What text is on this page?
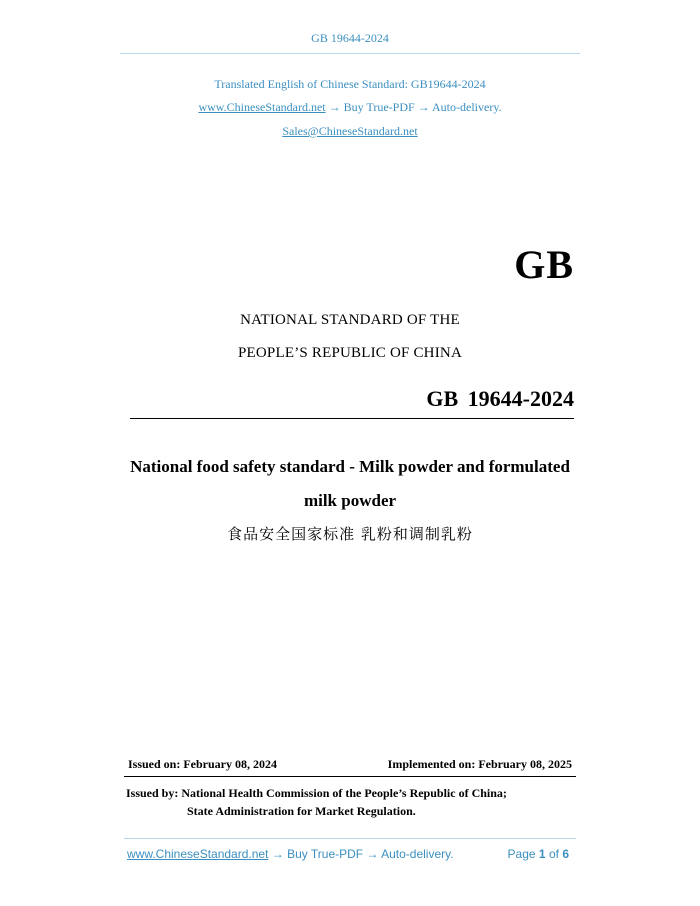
GB 19644-2024
Translated English of Chinese Standard: GB19644-2024
www.ChineseStandard.net → Buy True-PDF → Auto-delivery.
Sales@ChineseStandard.net
GB
NATIONAL STANDARD OF THE
PEOPLE’S REPUBLIC OF CHINA
GB 19644-2024
National food safety standard - Milk powder and formulated
milk powder
食品安全国家标准 乳粉和调制乳粉
Issued on: February 08, 2024	Implemented on: February 08, 2025
Issued by: National Health Commission of the People’s Republic of China;
State Administration for Market Regulation.
www.ChineseStandard.net → Buy True-PDF → Auto-delivery.	Page 1 of 6
